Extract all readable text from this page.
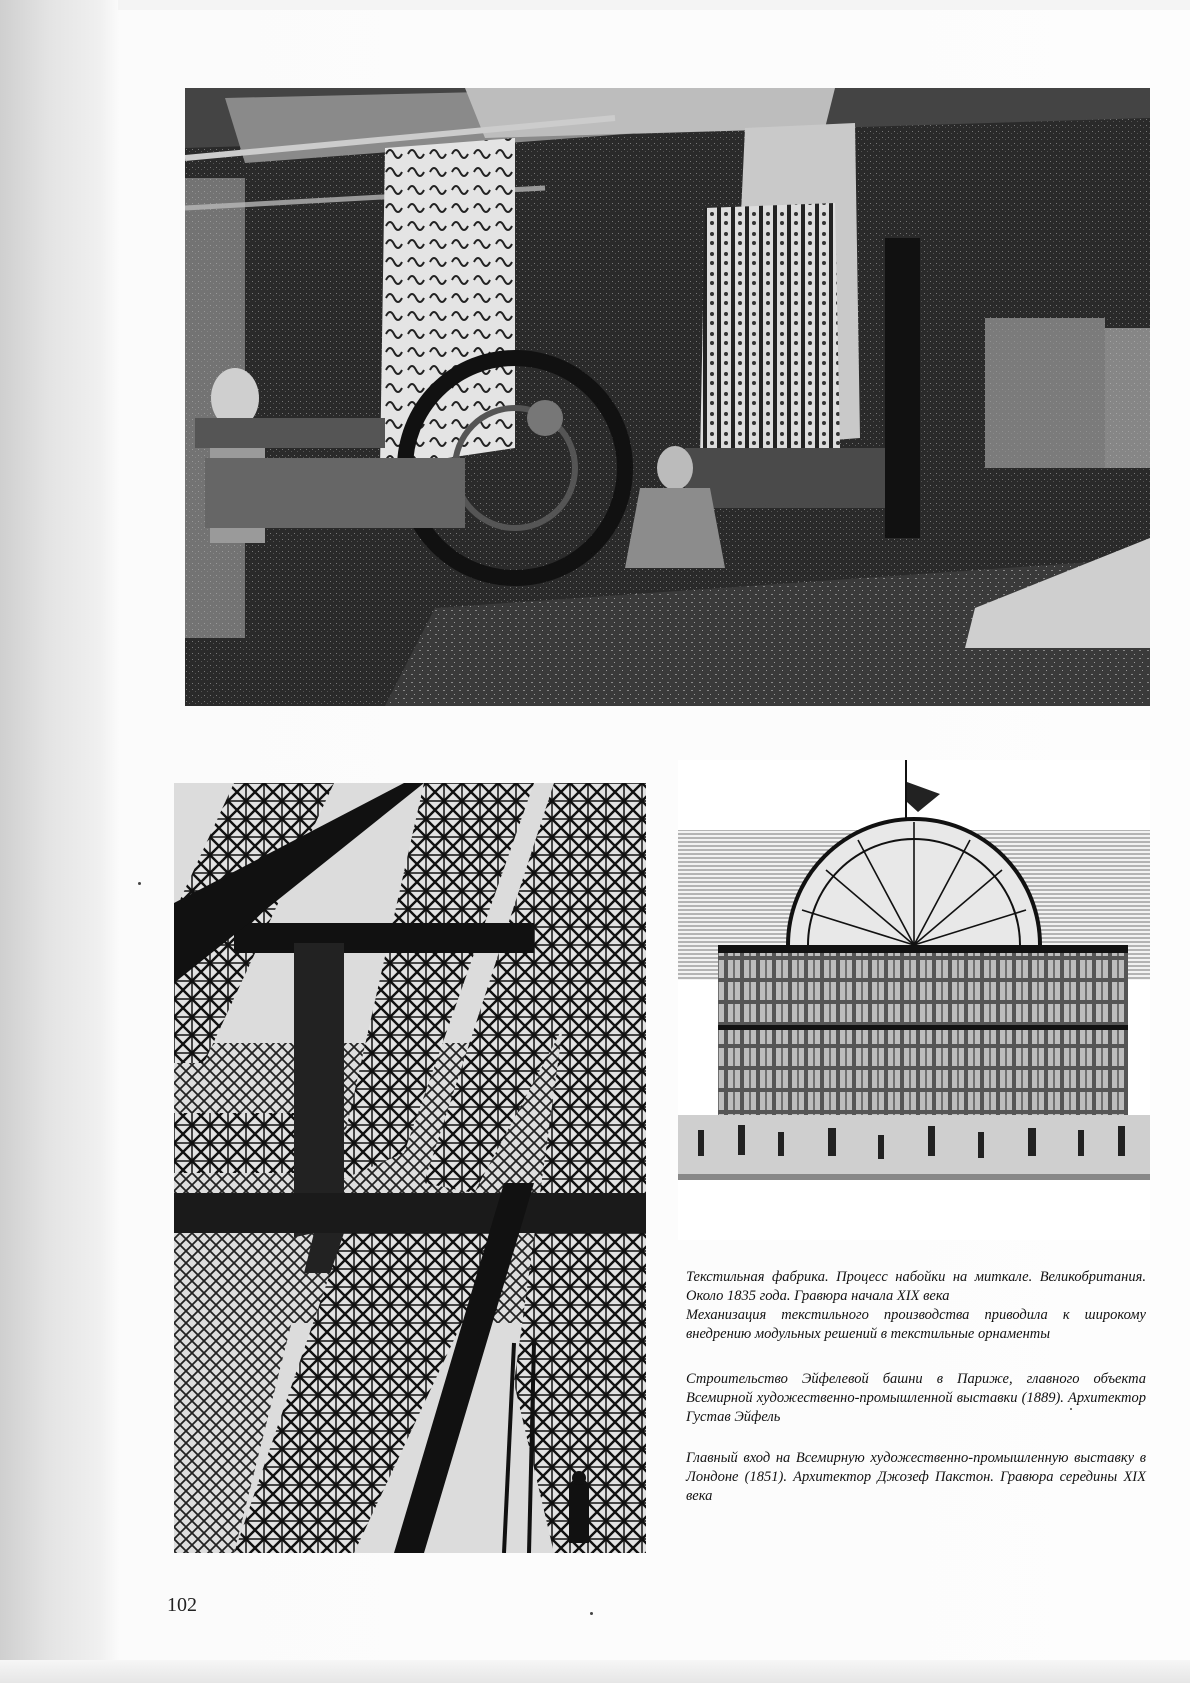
Текстильная фабрика. Процесс набойки на миткале. Великобритания. Около 1835 года. Гравюра начала XIX века

Механизация текстильного производства приводила к широкому внедрению модульных решений в текстильные орнаменты

Строительство Эйфелевой башни в Париже, главного объекта Всемирной художественно-промышленной выставки (1889). Архитектор Густав Эйфель

Главный вход на Всемирную художественно-промышленную выставку в Лондоне (1851). Архитектор Джозеф Пакстон. Гравюра середины XIX века

102
